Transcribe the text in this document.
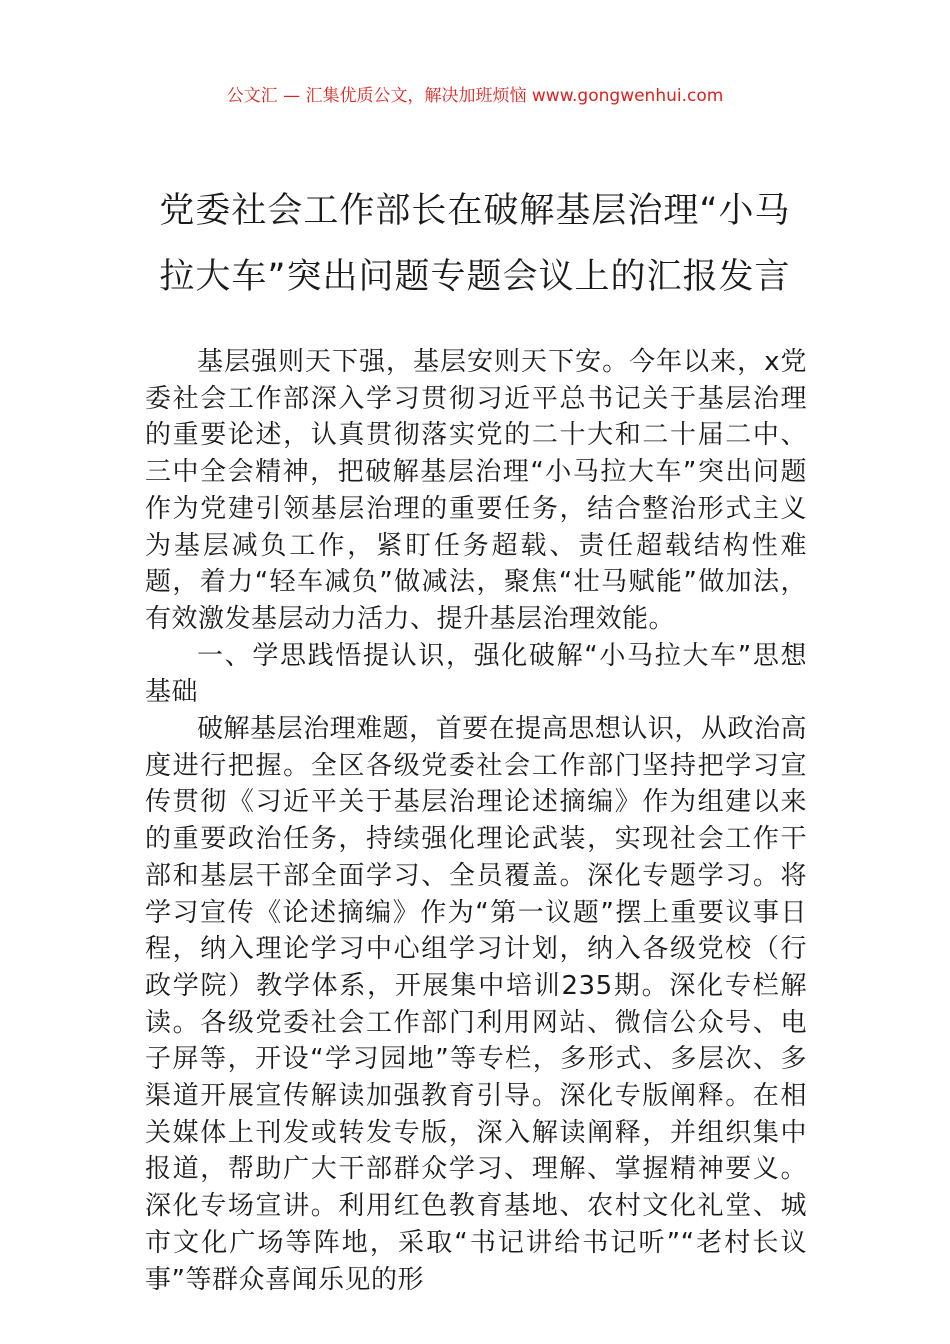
公文汇 — 汇集优质公文，解决加班烦恼 www.gongwenhui.com
党委社会工作部长在破解基层治理“小马
拉大车”突出问题专题会议上的汇报发言

基层强则天下强，基层安则天下安。今年以来，x党委社会工作部深入学习贯彻习近平总书记关于基层治理的重要论述，认真贯彻落实党的二十大和二十届二中、三中全会精神，把破解基层治理“小马拉大车”突出问题作为党建引领基层治理的重要任务，结合整治形式主义为基层减负工作，紧盯任务超载、责任超载结构性难题，着力“轻车减负”做减法，聚焦“壮马赋能”做加法，有效激发基层动力活力、提升基层治理效能。

一、学思践悟提认识，强化破解“小马拉大车”思想基础

破解基层治理难题，首要在提高思想认识，从政治高度进行把握。全区各级党委社会工作部门坚持把学习宣传贯彻《习近平关于基层治理论述摘编》作为组建以来的重要政治任务，持续强化理论武装，实现社会工作干部和基层干部全面学习、全员覆盖。深化专题学习。将学习宣传《论述摘编》作为“第一议题”摆上重要议事日程，纳入理论学习中心组学习计划，纳入各级党校（行政学院）教学体系，开展集中培训235期。深化专栏解读。各级党委社会工作部门利用网站、微信公众号、电子屏等，开设“学习园地”等专栏，多形式、多层次、多渠道开展宣传解读加强教育引导。深化专版阐释。在相关媒体上刊发或转发专版，深入解读阐释，并组织集中报道，帮助广大干部群众学习、理解、掌握精神要义。深化专场宣讲。利用红色教育基地、农村文化礼堂、城市文化广场等阵地，采取“书记讲给书记听”“老村长议事”等群众喜闻乐见的形
